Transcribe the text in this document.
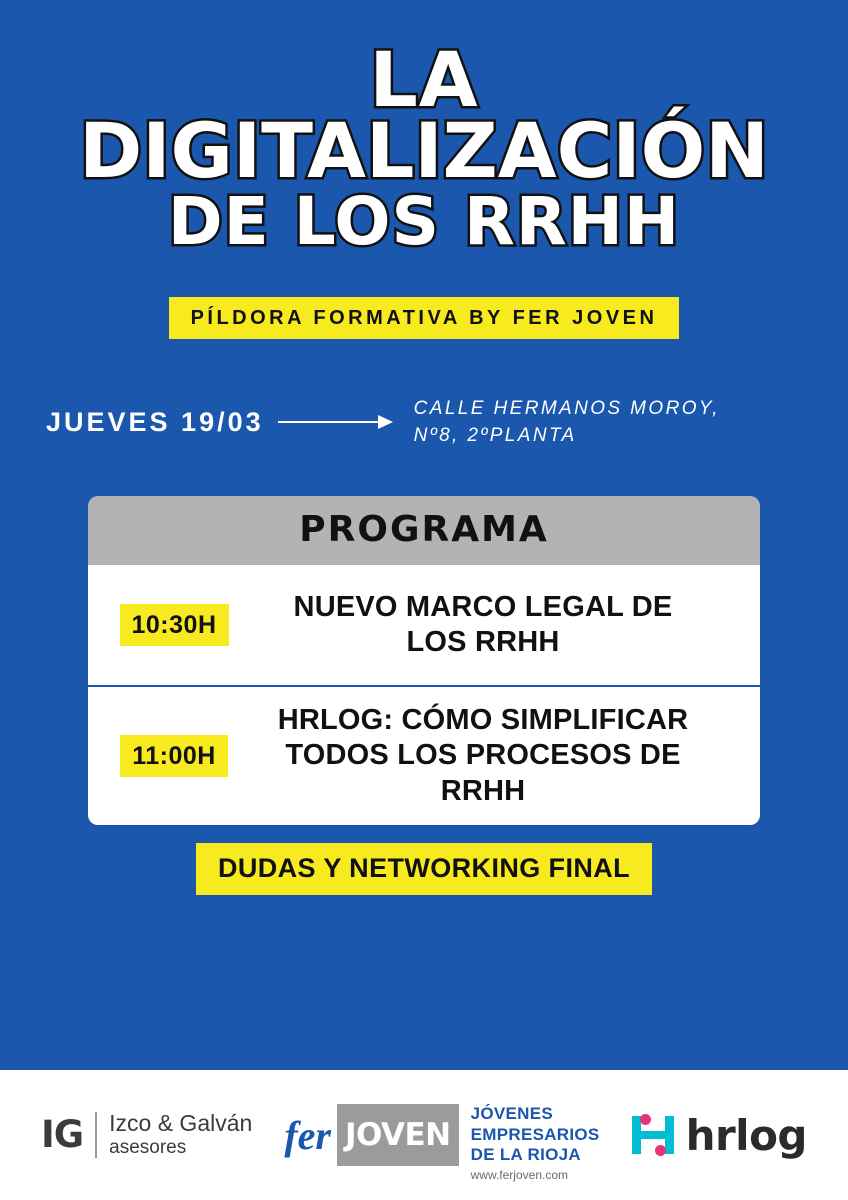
LA
DIGITALIZACIÓN
DE LOS RRHH
PÍLDORA FORMATIVA BY FER JOVEN
JUEVES 19/03	CALLE HERMANOS MOROY,
Nº8, 2ºPLANTA
PROGRAMA
10:30H
NUEVO MARCO LEGAL DE LOS RRHH
11:00H
HRLOG: CÓMO SIMPLIFICAR TODOS LOS PROCESOS DE RRHH
DUDAS Y NETWORKING FINAL
IG Izco & Galván
asesores	fer JOVEN
JÓVENES
EMPRESARIOS
DE LA RIOJA
www.ferjoven.com
hrlog
